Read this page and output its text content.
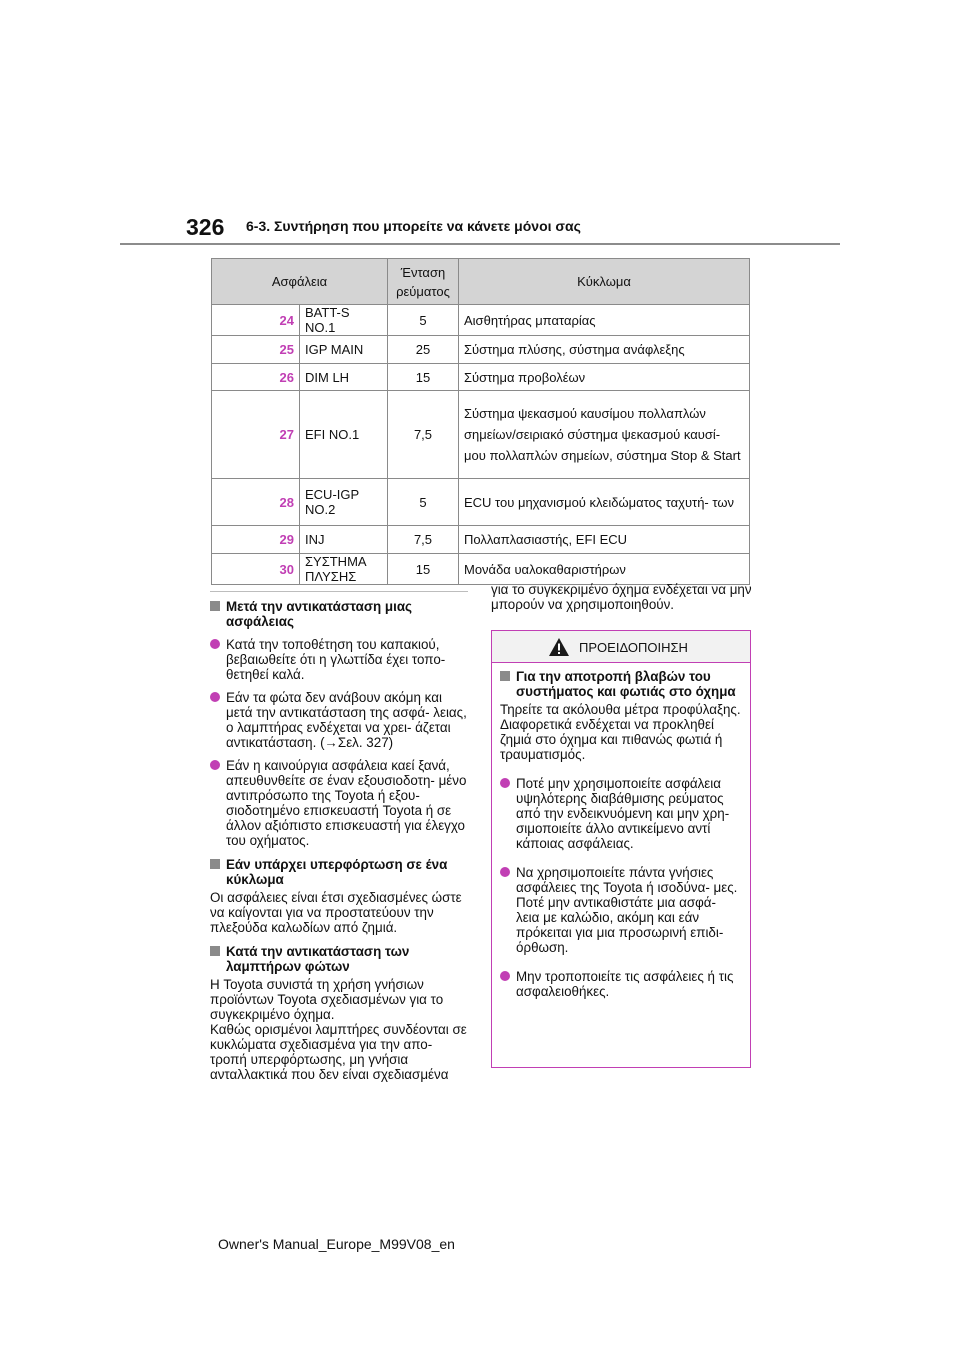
326 6-3. Συντήρηση που μπορείτε να κάνετε μόνοι σας
Ασφάλεια		Ένταση ρεύματος	Κύκλωμα
24	BATT-S NO.1	5	Αισθητήρας μπαταρίας
25	IGP MAIN	25	Σύστημα πλύσης, σύστημα ανάφλεξης
26	DIM LH	15	Σύστημα προβολέων
27	EFI NO.1	7,5	Σύστημα ψεκασμού καυσίμου πολλαπλών σημείων/σειριακό σύστημα ψεκασμού καυσί- μου πολλαπλών σημείων, σύστημα Stop & Start
28	ECU-IGP NO.2	5	ECU του μηχανισμού κλειδώματος ταχυτή- των
29	INJ	7,5	Πολλαπλασιαστής, EFI ECU
30	ΣΥΣΤΗΜΑ ΠΛΥΣΗΣ	15	Μονάδα υαλοκαθαριστήρων
Μετά την αντικατάσταση μιας ασφάλειας
Κατά την τοποθέτηση του καπακιού, βεβαιωθείτε ότι η γλωττίδα έχει τοπο- θετηθεί καλά.
Εάν τα φώτα δεν ανάβουν ακόμη και μετά την αντικατάσταση της ασφά- λειας, ο λαμπτήρας ενδέχεται να χρει- άζεται αντικατάσταση. (→Σελ. 327)
Εάν η καινούργια ασφάλεια καεί ξανά, απευθυνθείτε σε έναν εξουσιοδοτη- μένο αντιπρόσωπο της Toyota ή εξου- σιοδοτημένο επισκευαστή Toyota ή σε άλλον αξιόπιστο επισκευαστή για έλεγχο του οχήματος.
Εάν υπάρχει υπερφόρτωση σε ένα κύκλωμα
Οι ασφάλειες είναι έτσι σχεδιασμένες ώστε να καίγονται για να προστατεύουν την πλεξούδα καλωδίων από ζημιά.
Κατά την αντικατάσταση των λαμπτήρων φώτων
Η Toyota συνιστά τη χρήση γνήσιων προϊόντων Toyota σχεδιασμένων για το συγκεκριμένο όχημα.
Καθώς ορισμένοι λαμπτήρες συνδέονται σε κυκλώματα σχεδιασμένα για την απο- τροπή υπερφόρτωσης, μη γνήσια ανταλλακτικά που δεν είναι σχεδιασμένα
για το συγκεκριμένο όχημα ενδέχεται να μην μπορούν να χρησιμοποιηθούν.
ΠΡΟΕΙΔΟΠΟΙΗΣΗ
Για την αποτροπή βλαβών του συστήματος και φωτιάς στο όχημα
Τηρείτε τα ακόλουθα μέτρα προφύλαξης.
Διαφορετικά ενδέχεται να προκληθεί ζημιά στο όχημα και πιθανώς φωτιά ή τραυματισμός.
Ποτέ μην χρησιμοποιείτε ασφάλεια υψηλότερης διαβάθμισης ρεύματος από την ενδεικνυόμενη και μην χρη- σιμοποιείτε άλλο αντικείμενο αντί κάποιας ασφάλειας.
Να χρησιμοποιείτε πάντα γνήσιες ασφάλειες της Toyota ή ισοδύνα- μες.
Ποτέ μην αντικαθιστάτε μια ασφά- λεια με καλώδιο, ακόμη και εάν πρόκειται για μια προσωρινή επιδι- όρθωση.
Μην τροποποιείτε τις ασφάλειες ή τις ασφαλειοθήκες.
Owner's Manual_Europe_M99V08_en
